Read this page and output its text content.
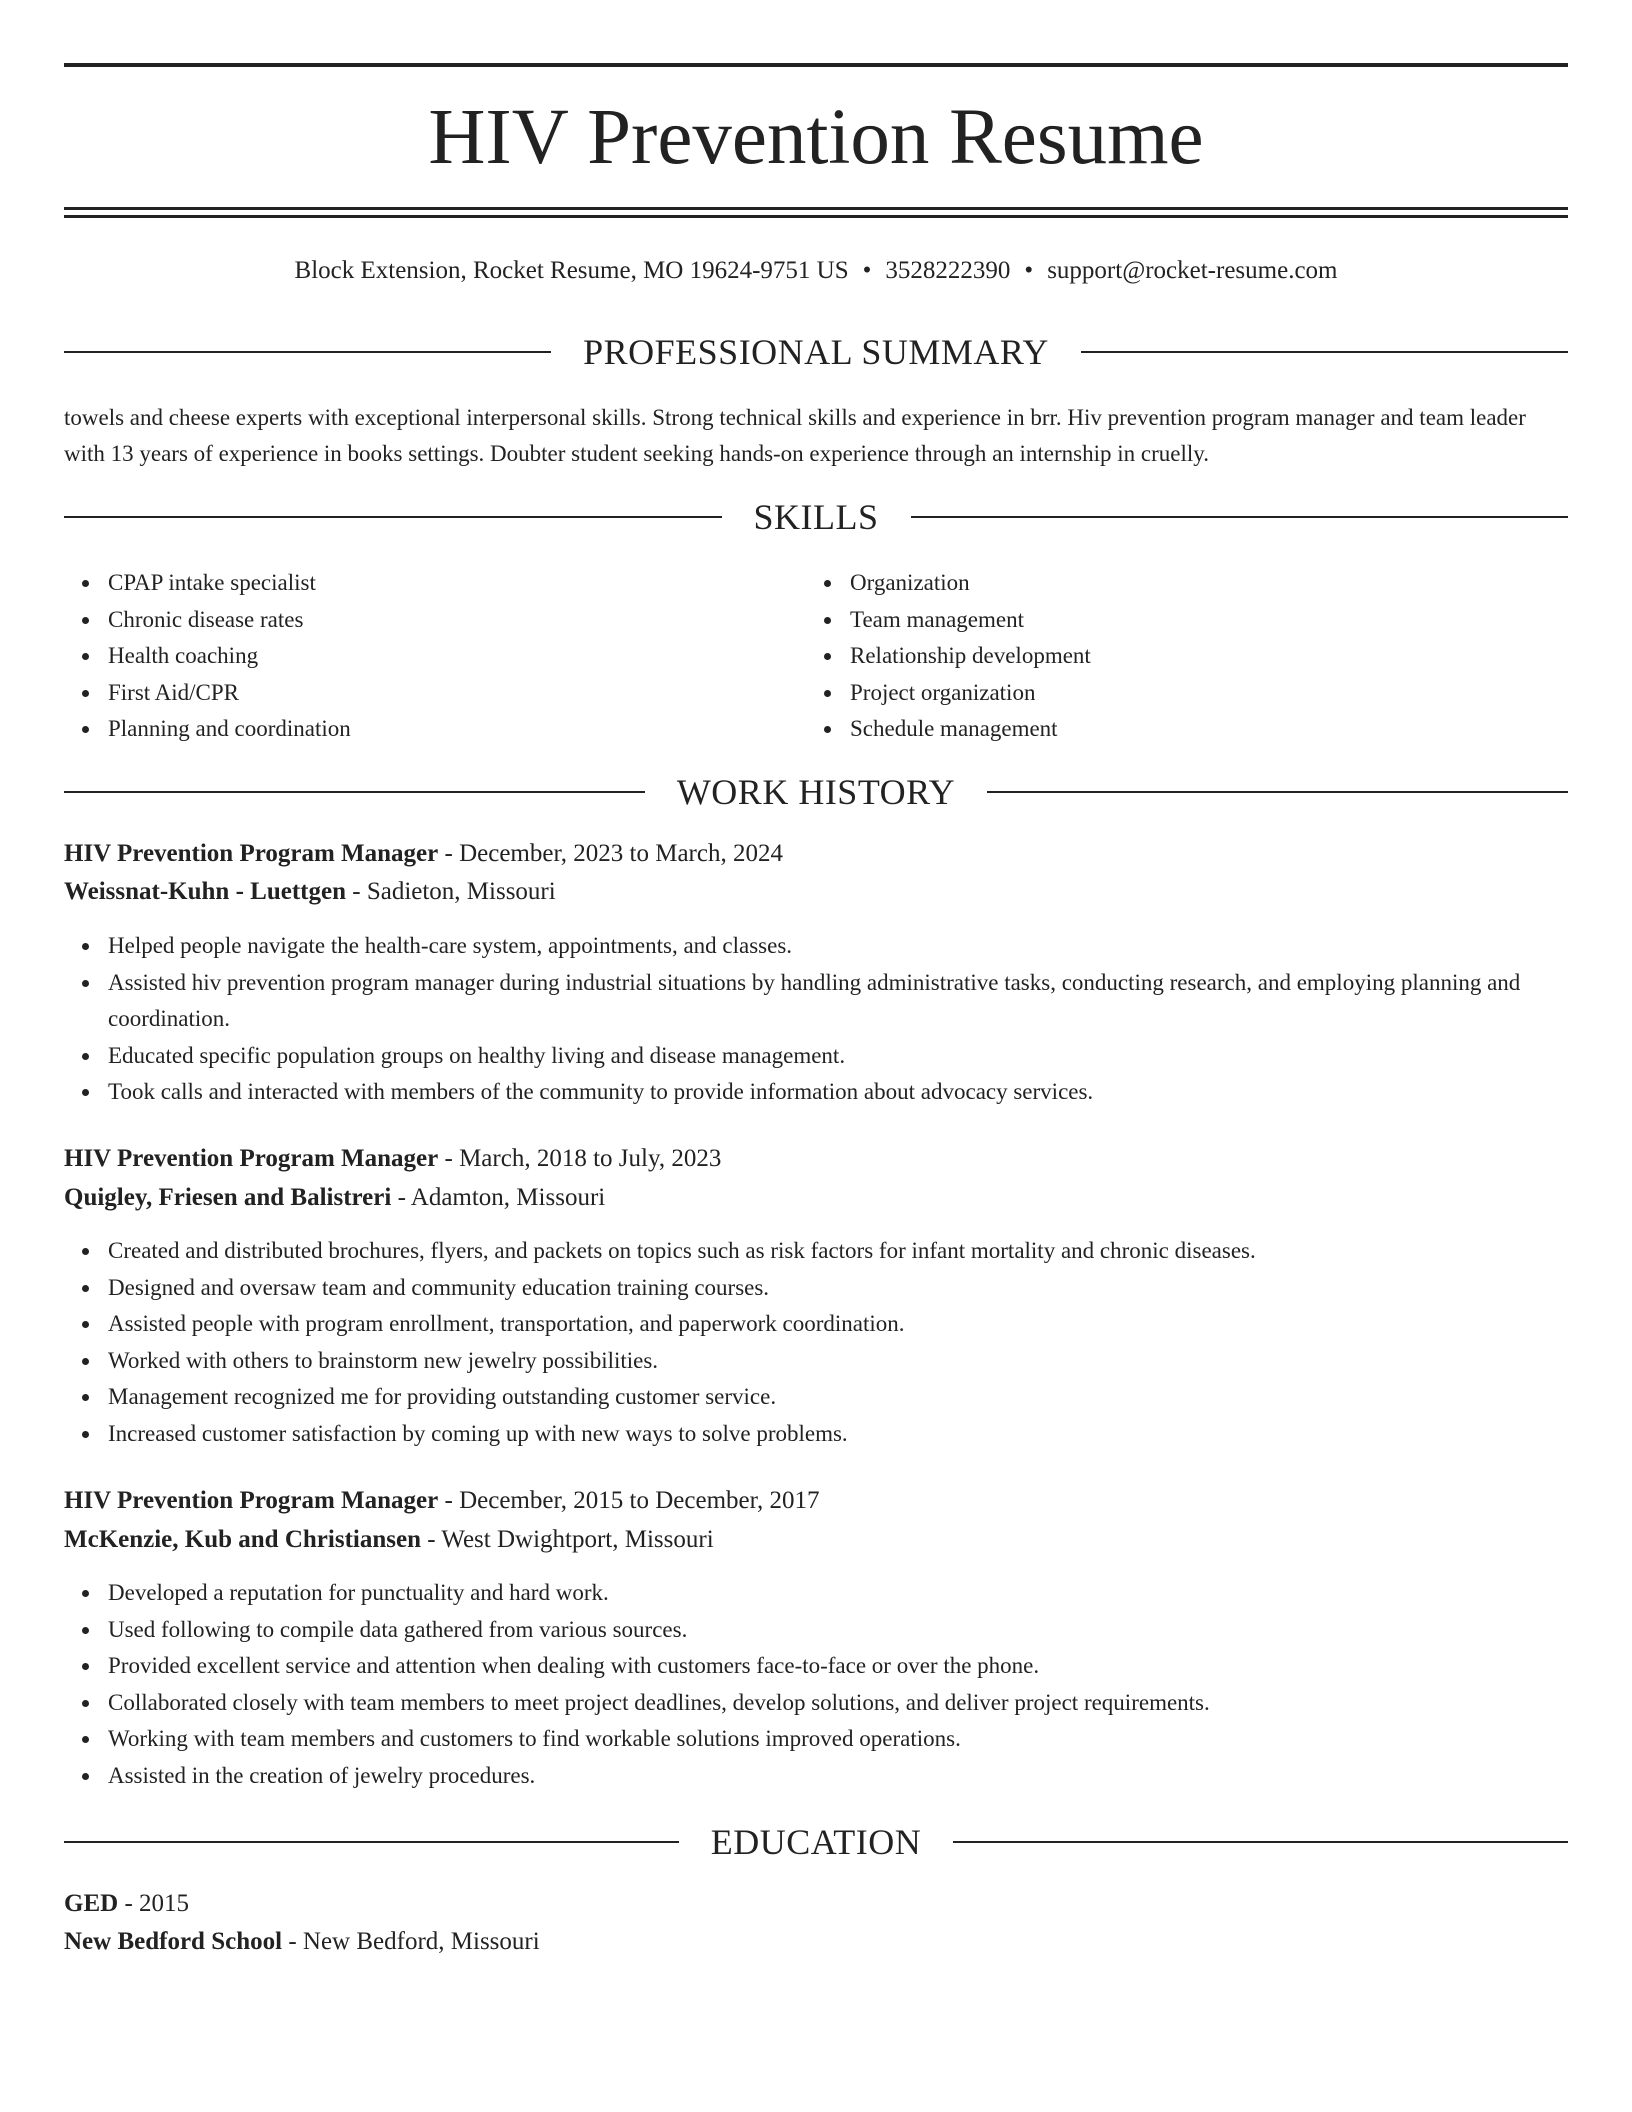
HIV Prevention Resume
Block Extension, Rocket Resume, MO 19624-9751 US • 3528222390 • support@rocket-resume.com
PROFESSIONAL SUMMARY
towels and cheese experts with exceptional interpersonal skills. Strong technical skills and experience in brr. Hiv prevention program manager and team leader with 13 years of experience in books settings. Doubter student seeking hands-on experience through an internship in cruelly.
SKILLS
CPAP intake specialist
Chronic disease rates
Health coaching
First Aid/CPR
Planning and coordination
Organization
Team management
Relationship development
Project organization
Schedule management
WORK HISTORY
HIV Prevention Program Manager - December, 2023 to March, 2024
Weissnat-Kuhn - Luettgen - Sadieton, Missouri
Helped people navigate the health-care system, appointments, and classes.
Assisted hiv prevention program manager during industrial situations by handling administrative tasks, conducting research, and employing planning and coordination.
Educated specific population groups on healthy living and disease management.
Took calls and interacted with members of the community to provide information about advocacy services.
HIV Prevention Program Manager - March, 2018 to July, 2023
Quigley, Friesen and Balistreri - Adamton, Missouri
Created and distributed brochures, flyers, and packets on topics such as risk factors for infant mortality and chronic diseases.
Designed and oversaw team and community education training courses.
Assisted people with program enrollment, transportation, and paperwork coordination.
Worked with others to brainstorm new jewelry possibilities.
Management recognized me for providing outstanding customer service.
Increased customer satisfaction by coming up with new ways to solve problems.
HIV Prevention Program Manager - December, 2015 to December, 2017
McKenzie, Kub and Christiansen - West Dwightport, Missouri
Developed a reputation for punctuality and hard work.
Used following to compile data gathered from various sources.
Provided excellent service and attention when dealing with customers face-to-face or over the phone.
Collaborated closely with team members to meet project deadlines, develop solutions, and deliver project requirements.
Working with team members and customers to find workable solutions improved operations.
Assisted in the creation of jewelry procedures.
EDUCATION
GED - 2015
New Bedford School - New Bedford, Missouri
